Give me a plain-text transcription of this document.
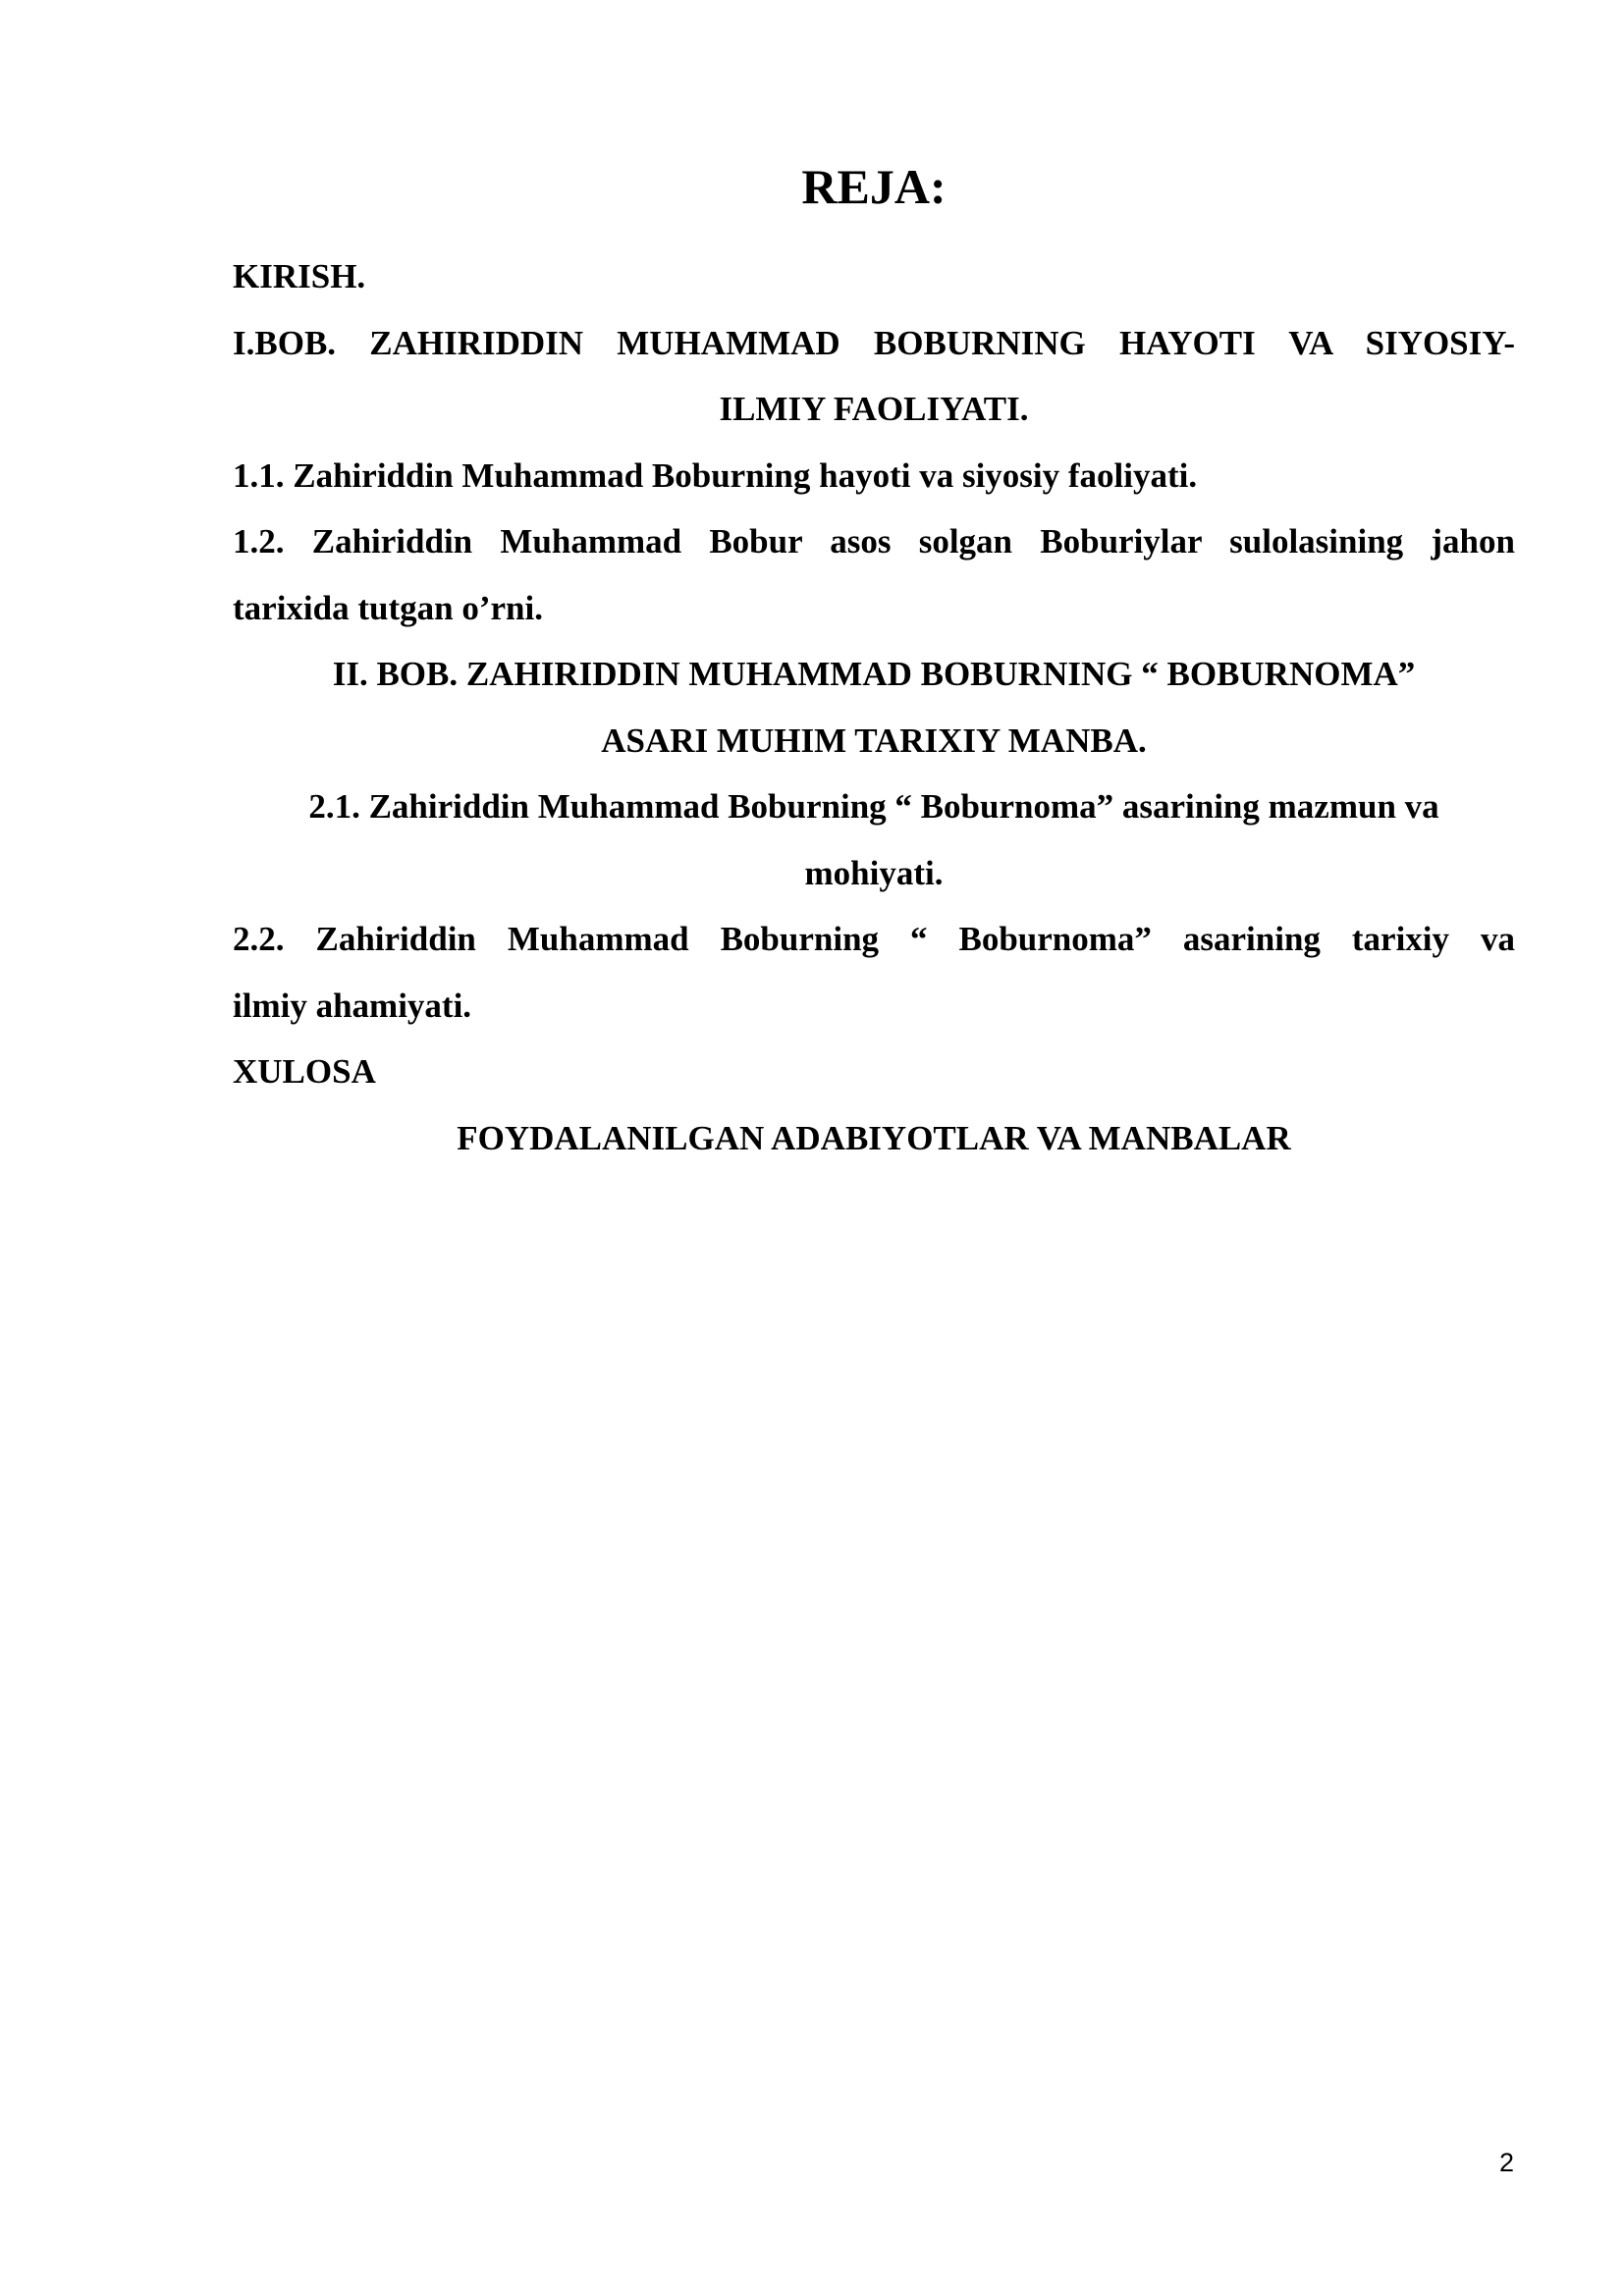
REJA:

KIRISH.

I.BOB. ZAHIRIDDIN MUHAMMAD BOBURNING HAYOTI VA SIYOSIY-

ILMIY FAOLIYATI.

1.1. Zahiriddin Muhammad Boburning hayoti va siyosiy faoliyati.

1.2. Zahiriddin Muhammad Bobur asos solgan Boburiylar sulolasining jahon

tarixida tutgan o’rni.

II. BOB. ZAHIRIDDIN MUHAMMAD BOBURNING “ BOBURNOMA”

ASARI MUHIM TARIXIY MANBA.

2.1. Zahiriddin Muhammad Boburning “ Boburnoma” asarining mazmun va

mohiyati.

2.2. Zahiriddin Muhammad Boburning “ Boburnoma” asarining tarixiy va

ilmiy ahamiyati.

XULOSA

FOYDALANILGAN ADABIYOTLAR VA MANBALAR

2
